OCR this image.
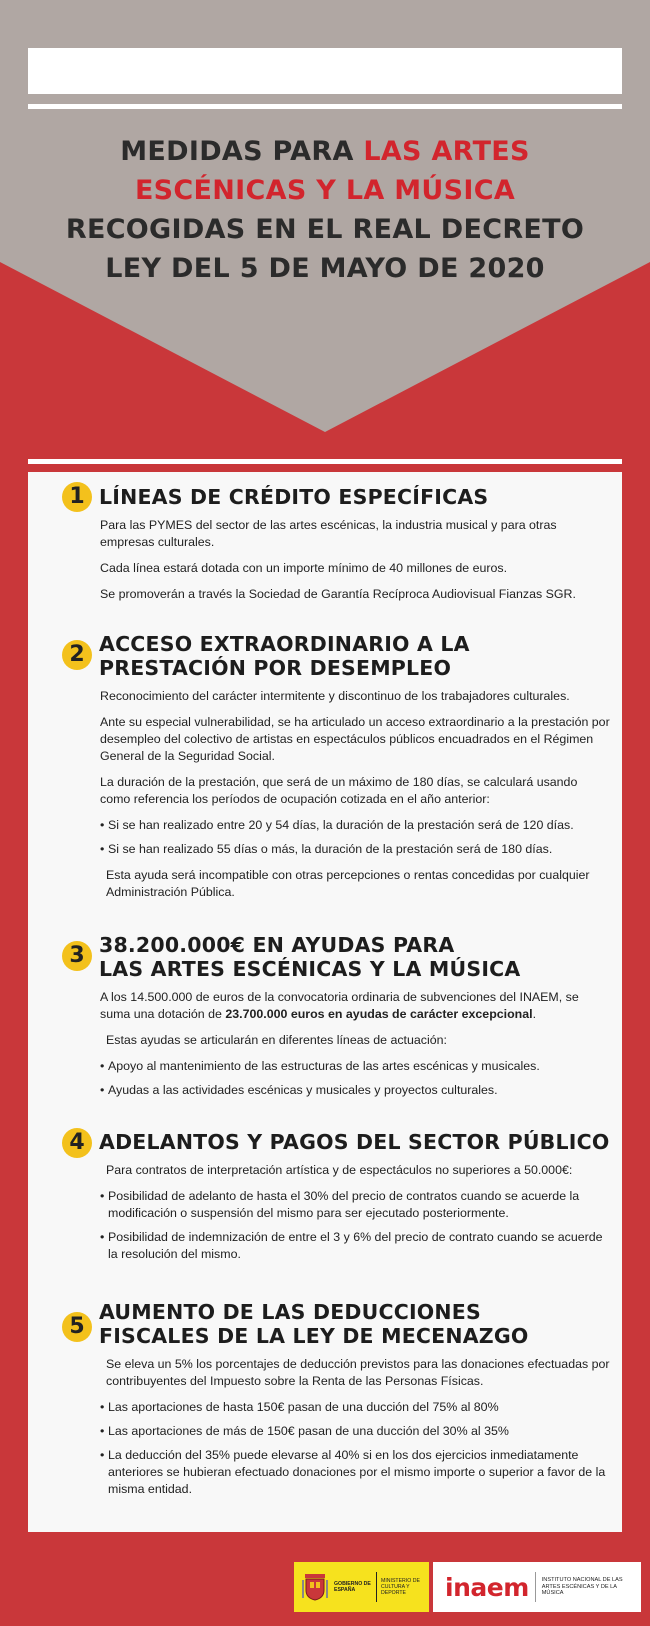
MEDIDAS PARA LAS ARTES
ESCÉNICAS Y LA MÚSICA
RECOGIDAS EN EL REAL DECRETO
LEY DEL 5 DE MAYO DE 2020
1 LÍNEAS DE CRÉDITO ESPECÍFICAS

Para las PYMES del sector de las artes escénicas, la industria musical y para otras empresas culturales.

Cada línea estará dotada con un importe mínimo de 40 millones de euros.

Se promoverán a través la Sociedad de Garantía Recíproca Audiovisual Fianzas SGR.

2 ACCESO EXTRAORDINARIO A LA PRESTACIÓN POR DESEMPLEO

Reconocimiento del carácter intermitente y discontinuo de los trabajadores culturales.

Ante su especial vulnerabilidad, se ha articulado un acceso extraordinario a la prestación por desempleo del colectivo de artistas en espectáculos públicos encuadrados en el Régimen General de la Seguridad Social.

La duración de la prestación, que será de un máximo de 180 días, se calculará usando como referencia los períodos de ocupación cotizada en el año anterior:

• Si se han realizado entre 20 y 54 días, la duración de la prestación será de 120 días.
• Si se han realizado 55 días o más, la duración de la prestación será de 180 días.

Esta ayuda será incompatible con otras percepciones o rentas concedidas por cualquier Administración Pública.

3 38.200.000€ EN AYUDAS PARA
LAS ARTES ESCÉNICAS Y LA MÚSICA

A los 14.500.000 de euros de la convocatoria ordinaria de subvenciones del INAEM, se suma una dotación de 23.700.000 euros en ayudas de carácter excepcional.

Estas ayudas se articularán en diferentes líneas de actuación:

• Apoyo al mantenimiento de las estructuras de las artes escénicas y musicales.
• Ayudas a las actividades escénicas y musicales y proyectos culturales.
4 ADELANTOS Y PAGOS DEL SECTOR PÚBLICO

Para contratos de interpretación artística y de espectáculos no superiores a 50.000€:

• Posibilidad de adelanto de hasta el 30% del precio de contratos cuando se acuerde la modificación o suspensión del mismo para ser ejecutado posteriormente.
• Posibilidad de indemnización de entre el 3 y 6% del precio de contrato cuando se acuerde la resolución del mismo.
5
AUMENTO DE LAS DEDUCCIONES
FISCALES DE LA LEY DE MECENAZGO

Se eleva un 5% los porcentajes de deducción previstos para las donaciones efectuadas por contribuyentes del Impuesto sobre la Renta de las Personas Físicas.

• Las aportaciones de hasta 150€ pasan de una ducción del 75% al 80%
• Las aportaciones de más de 150€ pasan de una ducción del 30% al 35%
• La deducción del 35% puede elevarse al 40% si en los dos ejercicios inmediatamente anteriores se hubieran efectuado donaciones por el mismo importe o superior a favor de la misma entidad.
GOBIERNO DE ESPAÑA
MINISTERIO DE CULTURA Y DEPORTE	inaem INSTITUTO NACIONAL DE LAS ARTES ESCÉNICAS Y DE LA MÚSICA
